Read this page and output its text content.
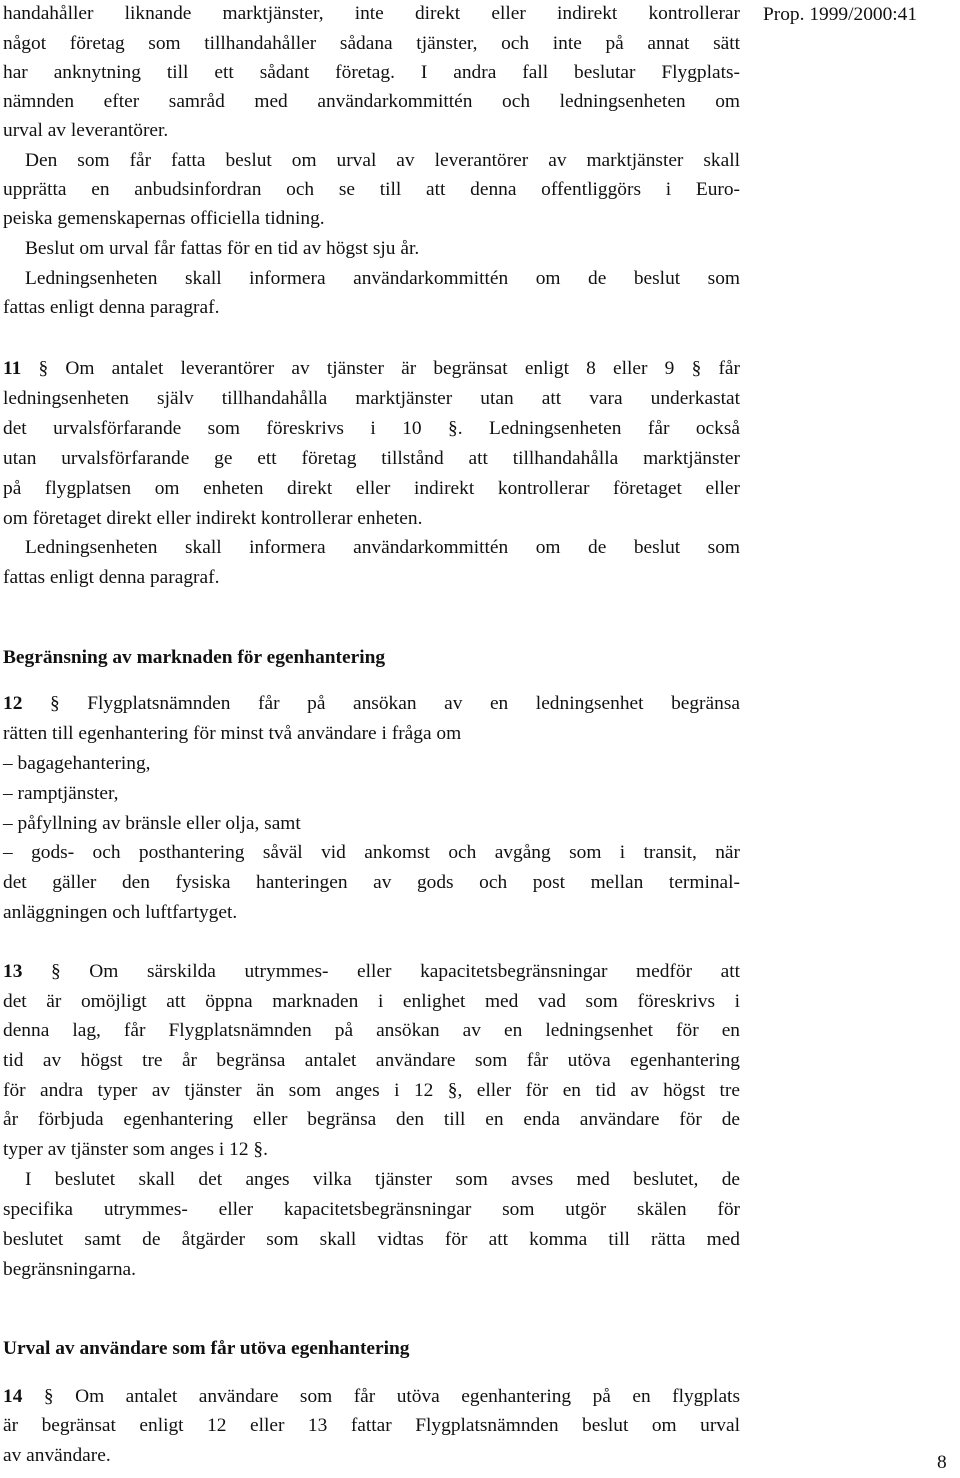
Prop. 1999/2000:41
handahåller liknande marktjänster, inte direkt eller indirekt kontrollerar
något företag som tillhandahåller sådana tjänster, och inte på annat sätt
har anknytning till ett sådant företag. I andra fall beslutar Flygplats-
nämnden efter samråd med användarkommittén och ledningsenheten om
urval av leverantörer.
Den som får fatta beslut om urval av leverantörer av marktjänster skall
upprätta en anbudsinfordran och se till att denna offentliggörs i Euro-
peiska gemenskapernas officiella tidning.
Beslut om urval får fattas för en tid av högst sju år.
Ledningsenheten skall informera användarkommittén om de beslut som
fattas enligt denna paragraf.
11 § Om antalet leverantörer av tjänster är begränsat enligt 8 eller 9 § får
ledningsenheten själv tillhandahålla marktjänster utan att vara underkastat
det urvalsförfarande som föreskrivs i 10 §. Ledningsenheten får också
utan urvalsförfarande ge ett företag tillstånd att tillhandahålla marktjänster
på flygplatsen om enheten direkt eller indirekt kontrollerar företaget eller
om företaget direkt eller indirekt kontrollerar enheten.
Ledningsenheten skall informera användarkommittén om de beslut som
fattas enligt denna paragraf.
Begränsning av marknaden för egenhantering
12 § Flygplatsnämnden får på ansökan av en ledningsenhet begränsa
rätten till egenhantering för minst två användare i fråga om
– bagagehantering,
– ramptjänster,
– påfyllning av bränsle eller olja, samt
– gods- och posthantering såväl vid ankomst och avgång som i transit, när
det gäller den fysiska hanteringen av gods och post mellan terminal-
anläggningen och luftfartyget.
13 § Om särskilda utrymmes- eller kapacitetsbegränsningar medför att
det är omöjligt att öppna marknaden i enlighet med vad som föreskrivs i
denna lag, får Flygplatsnämnden på ansökan av en ledningsenhet för en
tid av högst tre år begränsa antalet användare som får utöva egenhantering
för andra typer av tjänster än som anges i 12 §, eller för en tid av högst tre
år förbjuda egenhantering eller begränsa den till en enda användare för de
typer av tjänster som anges i 12 §.
I beslutet skall det anges vilka tjänster som avses med beslutet, de
specifika utrymmes- eller kapacitetsbegränsningar som utgör skälen för
beslutet samt de åtgärder som skall vidtas för att komma till rätta med
begränsningarna.
Urval av användare som får utöva egenhantering
14 § Om antalet användare som får utöva egenhantering på en flygplats
är begränsat enligt 12 eller 13 fattar Flygplatsnämnden beslut om urval
av användare.	8
